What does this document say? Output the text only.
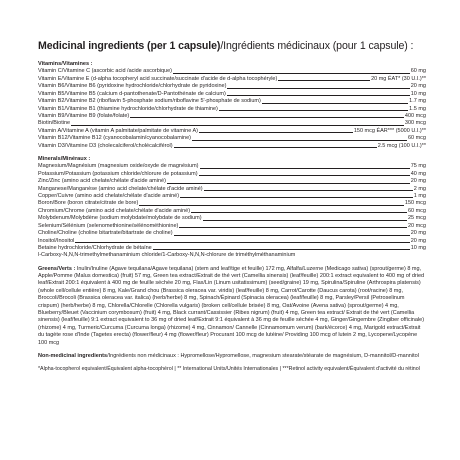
Medicinal ingredients (per 1 capsule)/Ingrédients médicinaux (pour 1 capsule) :
Vitamins/Vitamines :
Vitamin C/Vitamine C (ascorbic acid /acide ascorbique)	60 mg
Vitamin E/Vitamine E (d-alpha tocopheryl acid succinate/succinate d'acide de d-alpha tocophéryle)	20 mg ÉAT* (30 U.I.)**
Vitamin B6/Vitamine B6 (pyridoxine hydrochloride/chlorhydrate de pyridoxine)	20 mg
Vitamin B5/Vitamine B5 (calcium d-pantothenate/D-Pantothénate de calcium)	10 mg
Vitamin B2/Vitamine B2 (riboflavin 5-phosphate sodium/riboflavine 5'-phosphate de sodium)	1.7 mg
Vitamin B1/Vitamine B1 (thiamine hydrochloride/chlorhydrate de thiamine)	1.5 mg
Vitamin B9/Vitamine B9 (folate/folate)	400 mcg
Biotin/Biotine	300 mcg
Vitamin A/Vitamine A (vitamin A palmitate/palmitate de vitamine A)	150 mcg ÉAR*** (5000 U.I.)**
Vitamin B12/Vitamine B12 (cyanocobalamin/cyanocobalamine)	60 mcg
Vitamin D3/Vitamine D3 (cholecalciferol/cholécalciférol)	2.5 mcg (100 U.I.)**
Minerals/Minéraux :
Magnesium/Magnésium (magnesium oxide/oxyde de magnésium)	75 mg
Potassium/Potassium (potassium chloride/chlorure de potassium)	40 mg
Zinc/Zinc (amino acid chelate/chélate d'acide aminé)	20 mg
Manganese/Manganèse (amino acid chelate/chélate d'acide aminé)	2 mg
Copper/Cuivre (amino acid chelate/chélate d'acide aminé)	1 mg
Boron/Bore (boron citrate/citrate de bore)	150 mcg
Chromium/Chrome (amino acid chelate/chélate d'acide aminé)	60 mcg
Molybdenum/Molybdène (sodium molybdate/molybdate de sodium)	25 mcg
Selenium/Sélénium (selenomethionine/sélénométhionine)	20 mcg
Choline/Choline (choline bitartrate/bitartrate de choline)	20 mg
Inositol/Inositol	20 mg
Betaine hydrochloride/Chlorhydrate de bétaïne	10 mg
l-Carboxy-N,N,N-trimethylmethanaminium chloride/1-Carboxy-N,N,N-chlorure de triméthylméthanaminium
Greens/Verts : Inulin/Inuline (Agave tequilana/Agave tequilana) (stem and leaf/tige et feuille) 172 mg, Alfalfa/Luzerne (Medicago sativa) (sprout/germe) 8 mg, Apple/Pomme (Malus domestica) (fruit) 57 mg, Green tea extract/Extrait de thé vert (Camellia sinensis) (leaf/feuille) 200:1 extract equivalent to 400 mg of dried leaf/Extrait 200:1 équivalent à 400 mg de feuille séchée 20 mg, Flax/Lin (Linum usitatissimum) (seed/graine) 19 mg, Spirulina/Spiruline (Arthrospira platensis) (whole cell/cellule entière) 8 mg, Kale/Grand chou (Brassica oleracea var. viridis) (leaf/feuille) 8 mg, Carrot/Carotte (Daucus carota) (root/racine) 8 mg, Broccoli/Brocoli (Brassica oleracea var. italica) (herb/herbe) 8 mg, Spinach/Épinard (Spinacia oleracea) (leaf/feuille) 8 mg, Parsley/Persil (Petroselinum crispum) (herb/herbe) 8 mg, Chlorella/Chlorelle (Chlorella vulgaris) (broken cell/cellule brisée) 8 mg, Oat/Avoine (Avena sativa) (sprout/germe) 4 mg, Blueberry/Bleuet (Vaccinium corymbosum) (fruit) 4 mg, Black currant/Cassissier (Ribes nigrum) (fruit) 4 mg, Green tea extract/ Extrait de thé vert (Camellia sinensis) (leaf/feuille) 9:1 extract equivalent to 36 mg of dried leaf/Extrait 9:1 équivalent à 36 mg de feuille séchée 4 mg, Ginger/Gingembre (Zingiber officinale) (rhizome) 4 mg, Turmeric/Curcuma (Curcuma longa) (rhizome) 4 mg, Cinnamon/ Cannelle (Cinnamomum verum) (bark/écorce) 4 mg, Marigold extract/Extrait du tagète rose d'Inde (Tagetes erecta) (flower/fleur) 4 mg (flower/fleur) Procurant 100 mcg de lutéine/ Providing 100 mcg of lutein 2 mg, Lycopene/Lycopène 100 mcg
Non-medicinal ingredients/Ingrédients non médicinaux : Hypromellose/Hypromellose, magnesium stearate/stéarate de magnésium, D-mannitol/D-mannitol
*Alpha-tocopherol equivalent/Équivalent alpha-tocophérol | ** International Units/Unités Internationales | ***Retinol activity equivalent/Équivalent d'activité du rétinol
